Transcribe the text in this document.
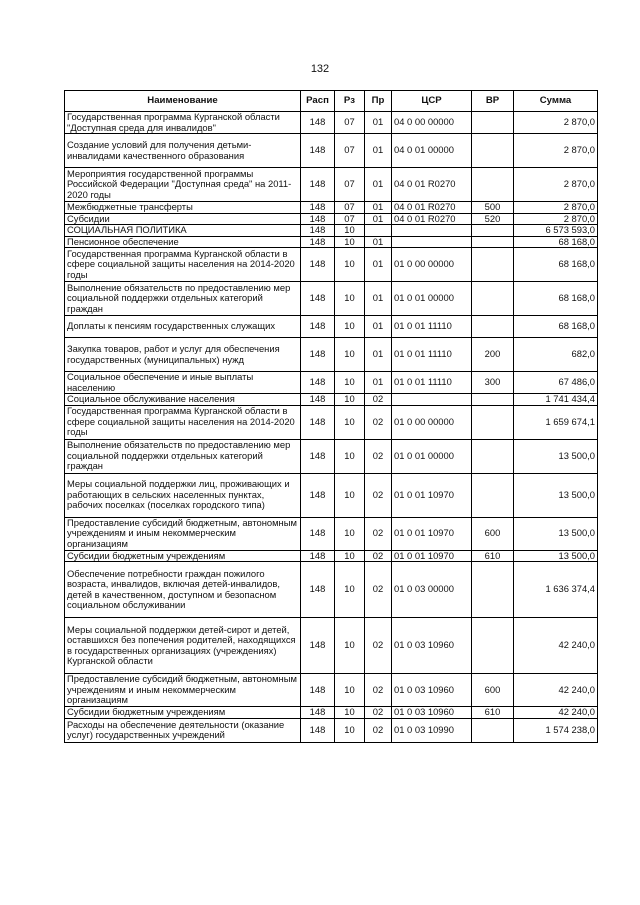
132
Наименование	Расп	Рз	Пр	ЦСР	ВР	Сумма
Государственная программа Курганской области "Доступная среда для инвалидов"	148	07	01	04 0 00 00000		2 870,0
Создание условий для получения детьми-инвалидами качественного образования	148	07	01	04 0 01 00000		2 870,0
Мероприятия государственной программы Российской Федерации "Доступная среда" на 2011-2020 годы	148	07	01	04 0 01 R0270		2 870,0
Межбюджетные трансферты	148	07	01	04 0 01 R0270	500	2 870,0
Субсидии	148	07	01	04 0 01 R0270	520	2 870,0
СОЦИАЛЬНАЯ ПОЛИТИКА	148	10				6 573 593,0
Пенсионное обеспечение	148	10	01			68 168,0
Государственная программа Курганской области в сфере социальной защиты населения на 2014-2020 годы	148	10	01	01 0 00 00000		68 168,0
Выполнение обязательств по предоставлению мер социальной поддержки отдельных категорий граждан	148	10	01	01 0 01 00000		68 168,0
Доплаты к пенсиям государственных служащих	148	10	01	01 0 01 11110		68 168,0
Закупка товаров, работ и услуг для обеспечения государственных (муниципальных) нужд	148	10	01	01 0 01 11110	200	682,0
Социальное обеспечение и иные выплаты населению	148	10	01	01 0 01 11110	300	67 486,0
Социальное обслуживание населения	148	10	02			1 741 434,4
Государственная программа Курганской области в сфере социальной защиты населения на 2014-2020 годы	148	10	02	01 0 00 00000		1 659 674,1
Выполнение обязательств по предоставлению мер социальной поддержки отдельных категорий граждан	148	10	02	01 0 01 00000		13 500,0
Меры социальной поддержки лиц, проживающих и работающих в сельских населенных пунктах, рабочих поселках (поселках городского типа)	148	10	02	01 0 01 10970		13 500,0
Предоставление субсидий бюджетным, автономным учреждениям и иным некоммерческим организациям	148	10	02	01 0 01 10970	600	13 500,0
Субсидии бюджетным учреждениям	148	10	02	01 0 01 10970	610	13 500,0
Обеспечение потребности граждан пожилого возраста, инвалидов, включая детей-инвалидов, детей в качественном, доступном и безопасном социальном обслуживании	148	10	02	01 0 03 00000		1 636 374,4
Меры социальной поддержки детей-сирот и детей, оставшихся без попечения родителей, находящихся в государственных организациях (учреждениях) Курганской области	148	10	02	01 0 03 10960		42 240,0
Предоставление субсидий бюджетным, автономным учреждениям и иным некоммерческим организациям	148	10	02	01 0 03 10960	600	42 240,0
Субсидии бюджетным учреждениям	148	10	02	01 0 03 10960	610	42 240,0
Расходы на обеспечение деятельности (оказание услуг) государственных учреждений	148	10	02	01 0 03 10990		1 574 238,0
